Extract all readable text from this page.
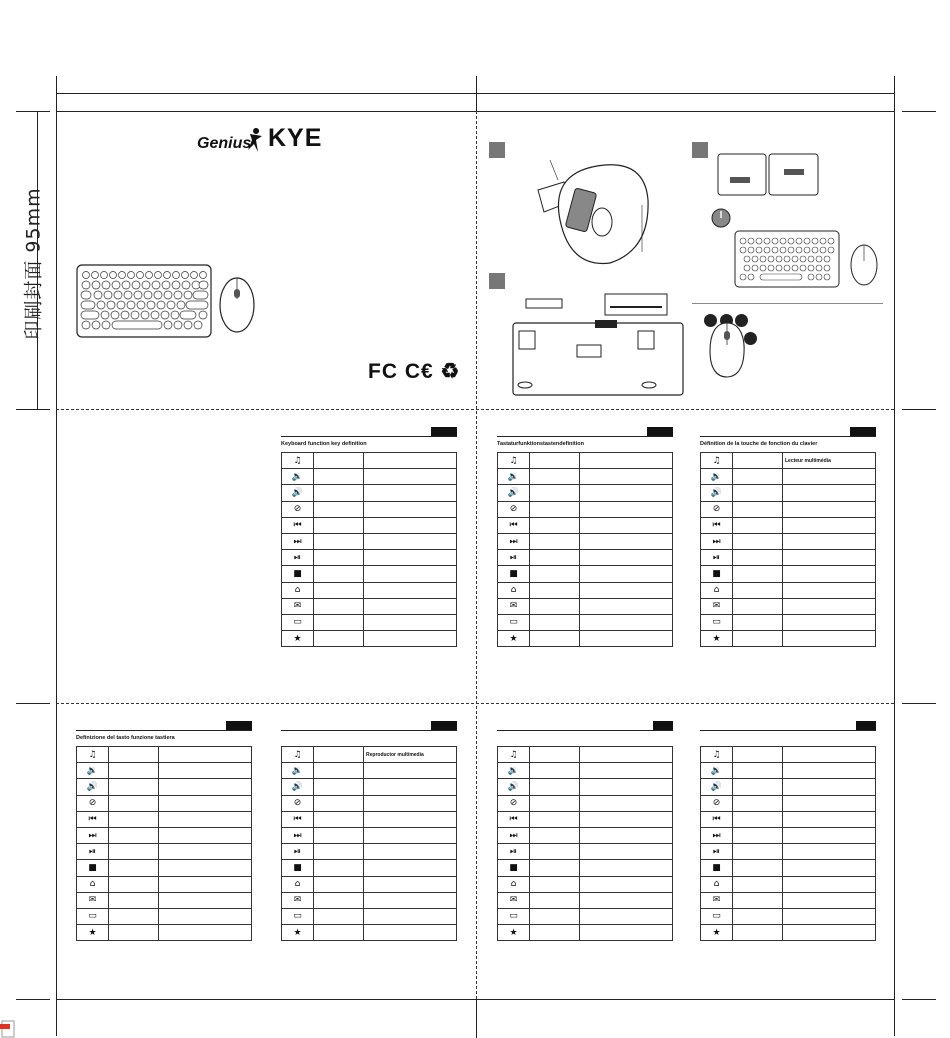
印刷封面 95mm
Genius KYE
FC C€ ♻
Keyboard function key definition
♫		
🔉		
🔊		
⊘		
⏮		
⏭		
⏯		
■		
⌂		
✉		
▭		
★		
Tastaturfunktionstastendefinition
♫		
🔉		
🔊		
⊘		
⏮		
⏭		
⏯		
■		
⌂		
✉		
▭		
★		
Définition de la touche de fonction du clavier
♫		Lecteur multimédia
🔉		
🔊		
⊘		
⏮		
⏭		
⏯		
■		
⌂		
✉		
▭		
★		
Definizione del tasto funzione tastiera
♫		
🔉		
🔊		
⊘		
⏮		
⏭		
⏯		
■		
⌂		
✉		
▭		
★		
♫		Reproductor multimedia
🔉		
🔊		
⊘		
⏮		
⏭		
⏯		
■		
⌂		
✉		
▭		
★		
♫		
🔉		
🔊		
⊘		
⏮		
⏭		
⏯		
■		
⌂		
✉		
▭		
★		
♫		
🔉		
🔊		
⊘		
⏮		
⏭		
⏯		
■		
⌂		
✉		
▭		
★		
